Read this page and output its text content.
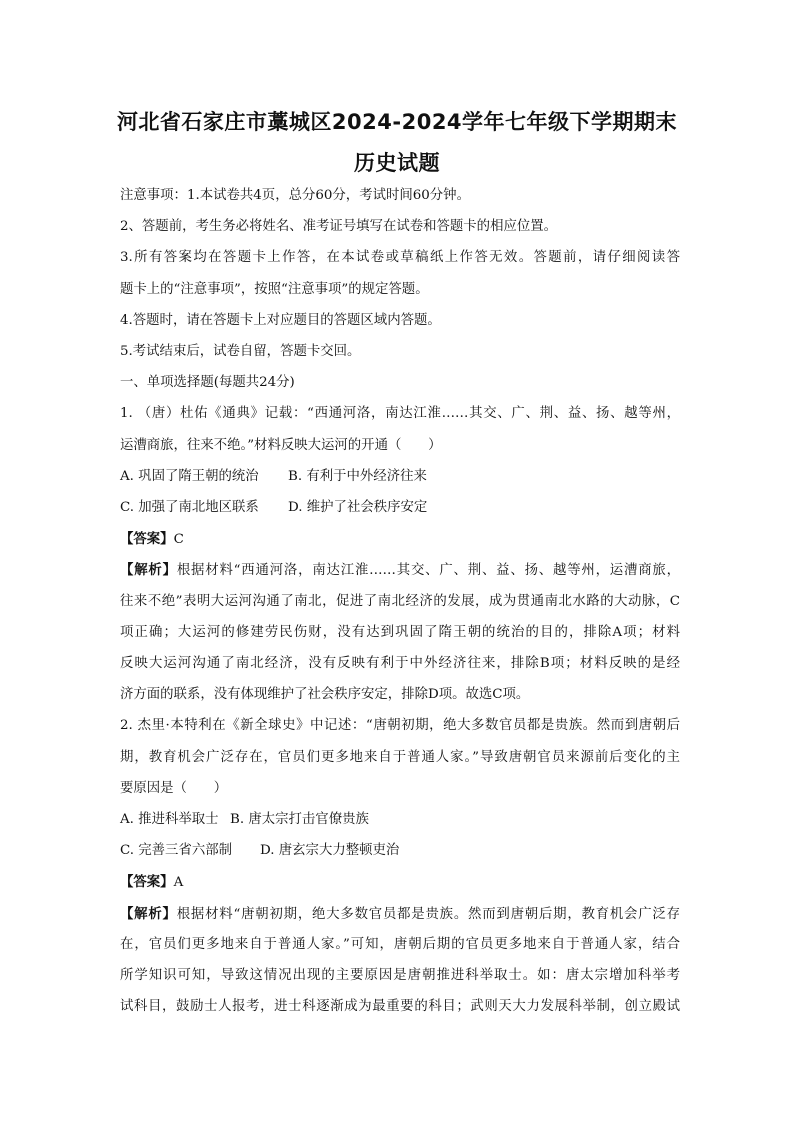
河北省石家庄市藁城区2024-2024学年七年级下学期期末
历史试题
注意事项：1.本试卷共4页，总分60分，考试时间60分钟。
2、答题前，考生务必将姓名、准考证号填写在试卷和答题卡的相应位置。
3.所有答案均在答题卡上作答，在本试卷或草稿纸上作答无效。答题前，请仔细阅读答
题卡上的“注意事项”，按照“注意事项”的规定答题。
4.答题时，请在答题卡上对应题目的答题区域内答题。
5.考试结束后，试卷自留，答题卡交回。
一、单项选择题(每题共24分)
1. （唐）杜佑《通典》记载：“西通河洛，南达江淮……其交、广、荆、益、扬、越等州，
运漕商旅，往来不绝。”材料反映大运河的开通（　　）
A. 巩固了隋王朝的统治 B. 有利于中外经济往来
C. 加强了南北地区联系 D. 维护了社会秩序安定
【答案】C
【解析】根据材料“西通河洛，南达江淮……其交、广、荆、益、扬、越等州，运漕商旅，
往来不绝”表明大运河沟通了南北，促进了南北经济的发展，成为贯通南北水路的大动脉，C
项正确；大运河的修建劳民伤财，没有达到巩固了隋王朝的统治的目的，排除A项；材料
反映大运河沟通了南北经济，没有反映有利于中外经济往来，排除B项；材料反映的是经
济方面的联系，没有体现维护了社会秩序安定，排除D项。故选C项。
2. 杰里·本特利在《新全球史》中记述：“唐朝初期，绝大多数官员都是贵族。然而到唐朝后
期，教育机会广泛存在，官员们更多地来自于普通人家。”导致唐朝官员来源前后变化的主
要原因是（　　）
A. 推进科举取士 B. 唐太宗打击官僚贵族
C. 完善三省六部制 D. 唐玄宗大力整顿吏治
【答案】A
【解析】根据材料“唐朝初期，绝大多数官员都是贵族。然而到唐朝后期，教育机会广泛存
在，官员们更多地来自于普通人家。”可知，唐朝后期的官员更多地来自于普通人家，结合
所学知识可知，导致这情况出现的主要原因是唐朝推进科举取士。如：唐太宗增加科举考
试科目，鼓励士人报考，进士科逐渐成为最重要的科目；武则天大力发展科举制，创立殿试
